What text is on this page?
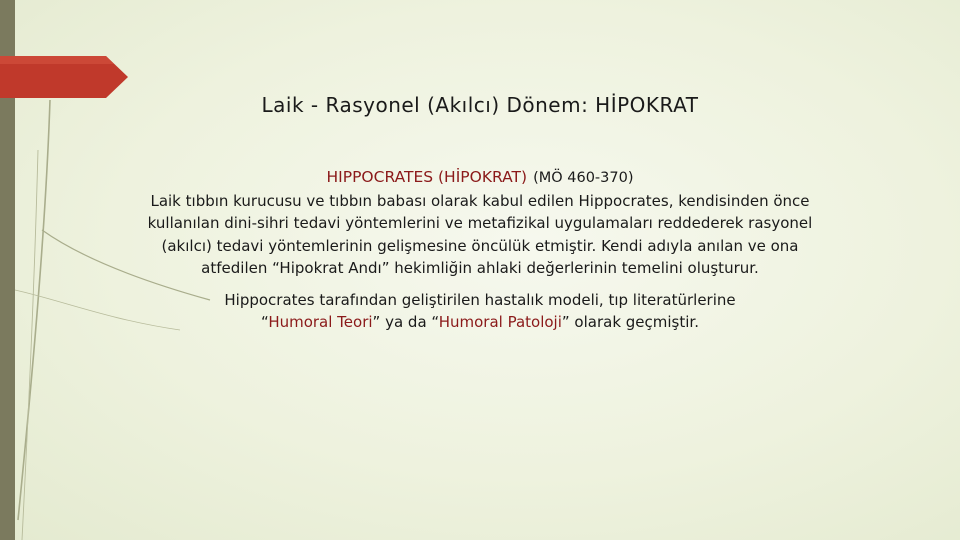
Laik - Rasyonel (Akılcı) Dönem: HİPOKRAT
HIPPOCRATES (HİPOKRAT) (MÖ 460-370)

Laik tıbbın kurucusu ve tıbbın babası olarak kabul edilen Hippocrates, kendisinden önce kullanılan dini-sihri tedavi yöntemlerini ve metafizikal uygulamaları reddederek rasyonel (akılcı) tedavi yöntemlerinin gelişmesine öncülük etmiştir. Kendi adıyla anılan ve ona atfedilen “Hipokrat Andı” hekimliğin ahlaki değerlerinin temelini oluşturur.

Hippocrates tarafından geliştirilen hastalık modeli, tıp literatürlerine
“Humoral Teori” ya da “Humoral Patoloji” olarak geçmiştir.
